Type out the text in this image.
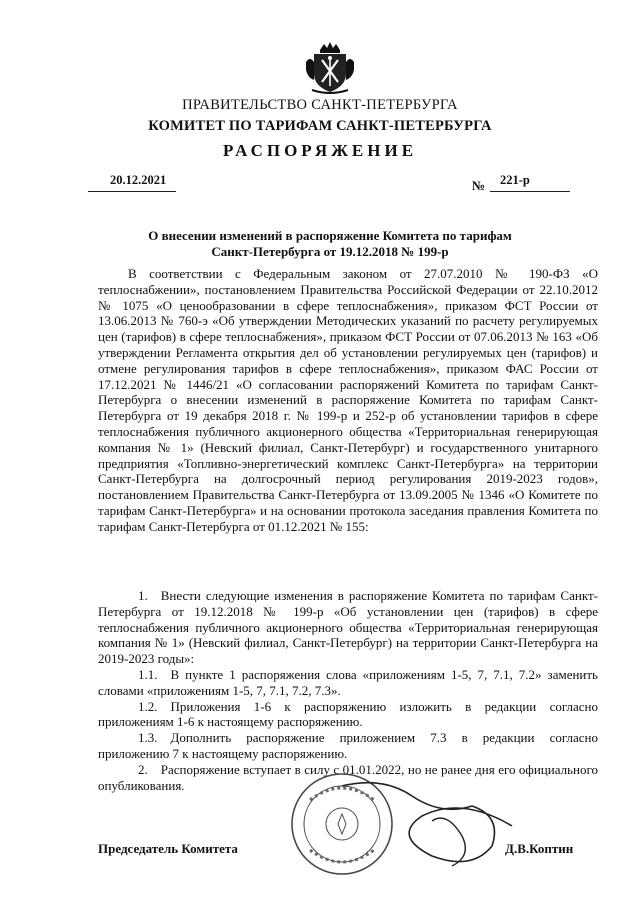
ПРАВИТЕЛЬСТВО САНКТ-ПЕТЕРБУРГА
КОМИТЕТ ПО ТАРИФАМ САНКТ-ПЕТЕРБУРГА
РАСПОРЯЖЕНИЕ
20.12.2021	№ 221-р
О внесении изменений в распоряжение Комитета по тарифам
Санкт-Петербурга от 19.12.2018 № 199-р

В соответствии с Федеральным законом от 27.07.2010 № 190-ФЗ «О теплоснабжении», постановлением Правительства Российской Федерации от 22.10.2012 № 1075 «О ценообразовании в сфере теплоснабжения», приказом ФСТ России от 13.06.2013 № 760-э «Об утверждении Методических указаний по расчету регулируемых цен (тарифов) в сфере теплоснабжения», приказом ФСТ России от 07.06.2013 № 163 «Об утверждении Регламента открытия дел об установлении регулируемых цен (тарифов) и отмене регулирования тарифов в сфере теплоснабжения», приказом ФАС России от 17.12.2021 № 1446/21 «О согласовании распоряжений Комитета по тарифам Санкт-Петербурга о внесении изменений в распоряжение Комитета по тарифам Санкт-Петербурга от 19 декабря 2018 г. № 199-р и 252-р об установлении тарифов в сфере теплоснабжения публичного акционерного общества «Территориальная генерирующая компания № 1» (Невский филиал, Санкт-Петербург) и государственного унитарного предприятия «Топливно-энергетический комплекс Санкт-Петербурга» на территории Санкт-Петербурга на долгосрочный период регулирования 2019-2023 годов», постановлением Правительства Санкт-Петербурга от 13.09.2005 № 1346 «О Комитете по тарифам Санкт-Петербурга» и на основании протокола заседания правления Комитета по тарифам Санкт-Петербурга от 01.12.2021 № 155:

1. Внести следующие изменения в распоряжение Комитета по тарифам Санкт-Петербурга от 19.12.2018 № 199-р «Об установлении цен (тарифов) в сфере теплоснабжения публичного акционерного общества «Территориальная генерирующая компания № 1» (Невский филиал, Санкт-Петербург) на территории Санкт-Петербурга на 2019-2023 годы»:

1.1. В пункте 1 распоряжения слова «приложениям 1-5, 7, 7.1, 7.2» заменить словами «приложениям 1-5, 7, 7.1, 7.2, 7.3».

1.2. Приложения 1-6 к распоряжению изложить в редакции согласно приложениям 1-6 к настоящему распоряжению.

1.3. Дополнить распоряжение приложением 7.3 в редакции согласно приложению 7 к настоящему распоряжению.

2. Распоряжение вступает в силу с 01.01.2022, но не ранее дня его официального опубликования.

Председатель Комитета	Д.В.Коптин
